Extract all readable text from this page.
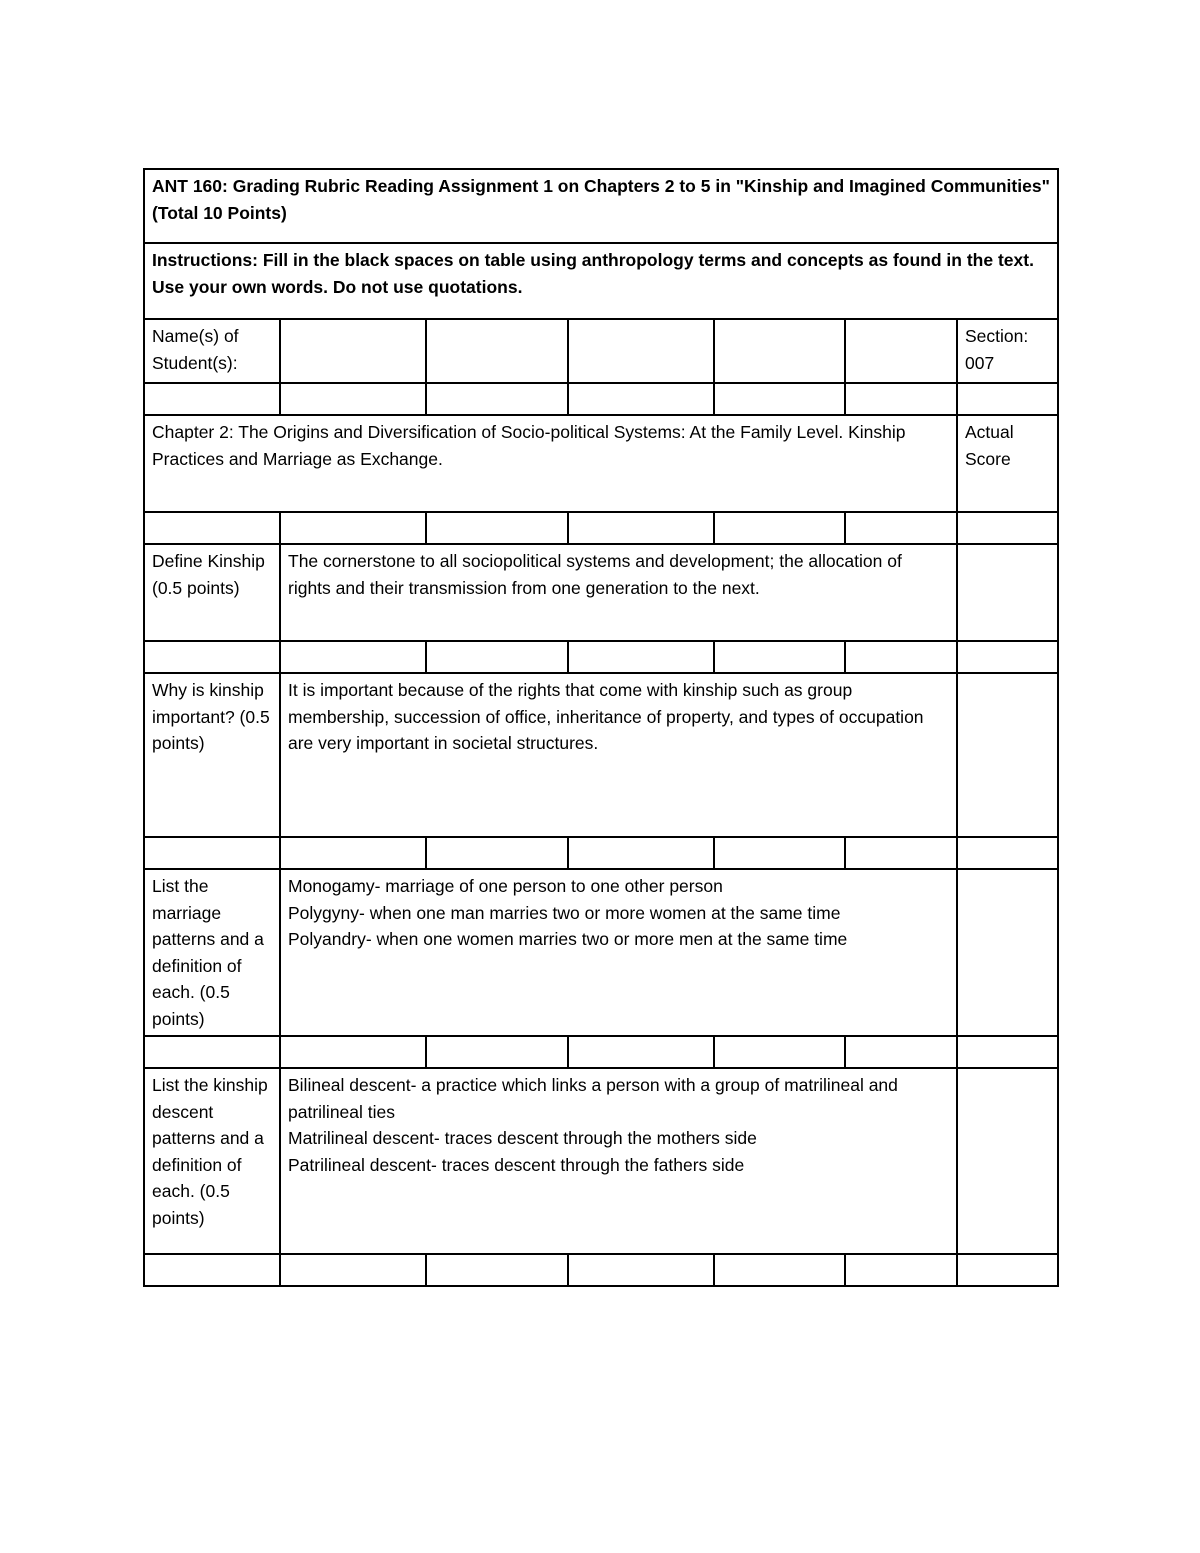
ANT 160: Grading Rubric Reading Assignment 1 on Chapters 2 to 5 in "Kinship and Imagined Communities" (Total 10 Points)						
Instructions: Fill in the black spaces on table using anthropology terms and concepts as found in the text. Use your own words. Do not use quotations.						
Name(s) of Student(s):						Section: 007

Chapter 2: The Origins and Diversification of Socio-political Systems: At the Family Level. Kinship Practices and Marriage as Exchange.						Actual Score

Define Kinship (0.5 points)	The cornerstone to all sociopolitical systems and development; the allocation of rights and their transmission from one generation to the next.					

Why is kinship important? (0.5 points)	It is important because of the rights that come with kinship such as group membership, succession of office, inheritance of property, and types of occupation are very important in societal structures.					

List the marriage patterns and a definition of each. (0.5 points)	Monogamy- marriage of one person to one other person
Polygyny- when one man marries two or more women at the same time
Polyandry- when one women marries two or more men at the same time					

List the kinship descent patterns and a definition of each. (0.5 points)	Bilineal descent- a practice which links a person with a group of matrilineal and patrilineal ties
Matrilineal descent- traces descent through the mothers side
Patrilineal descent- traces descent through the fathers side					
